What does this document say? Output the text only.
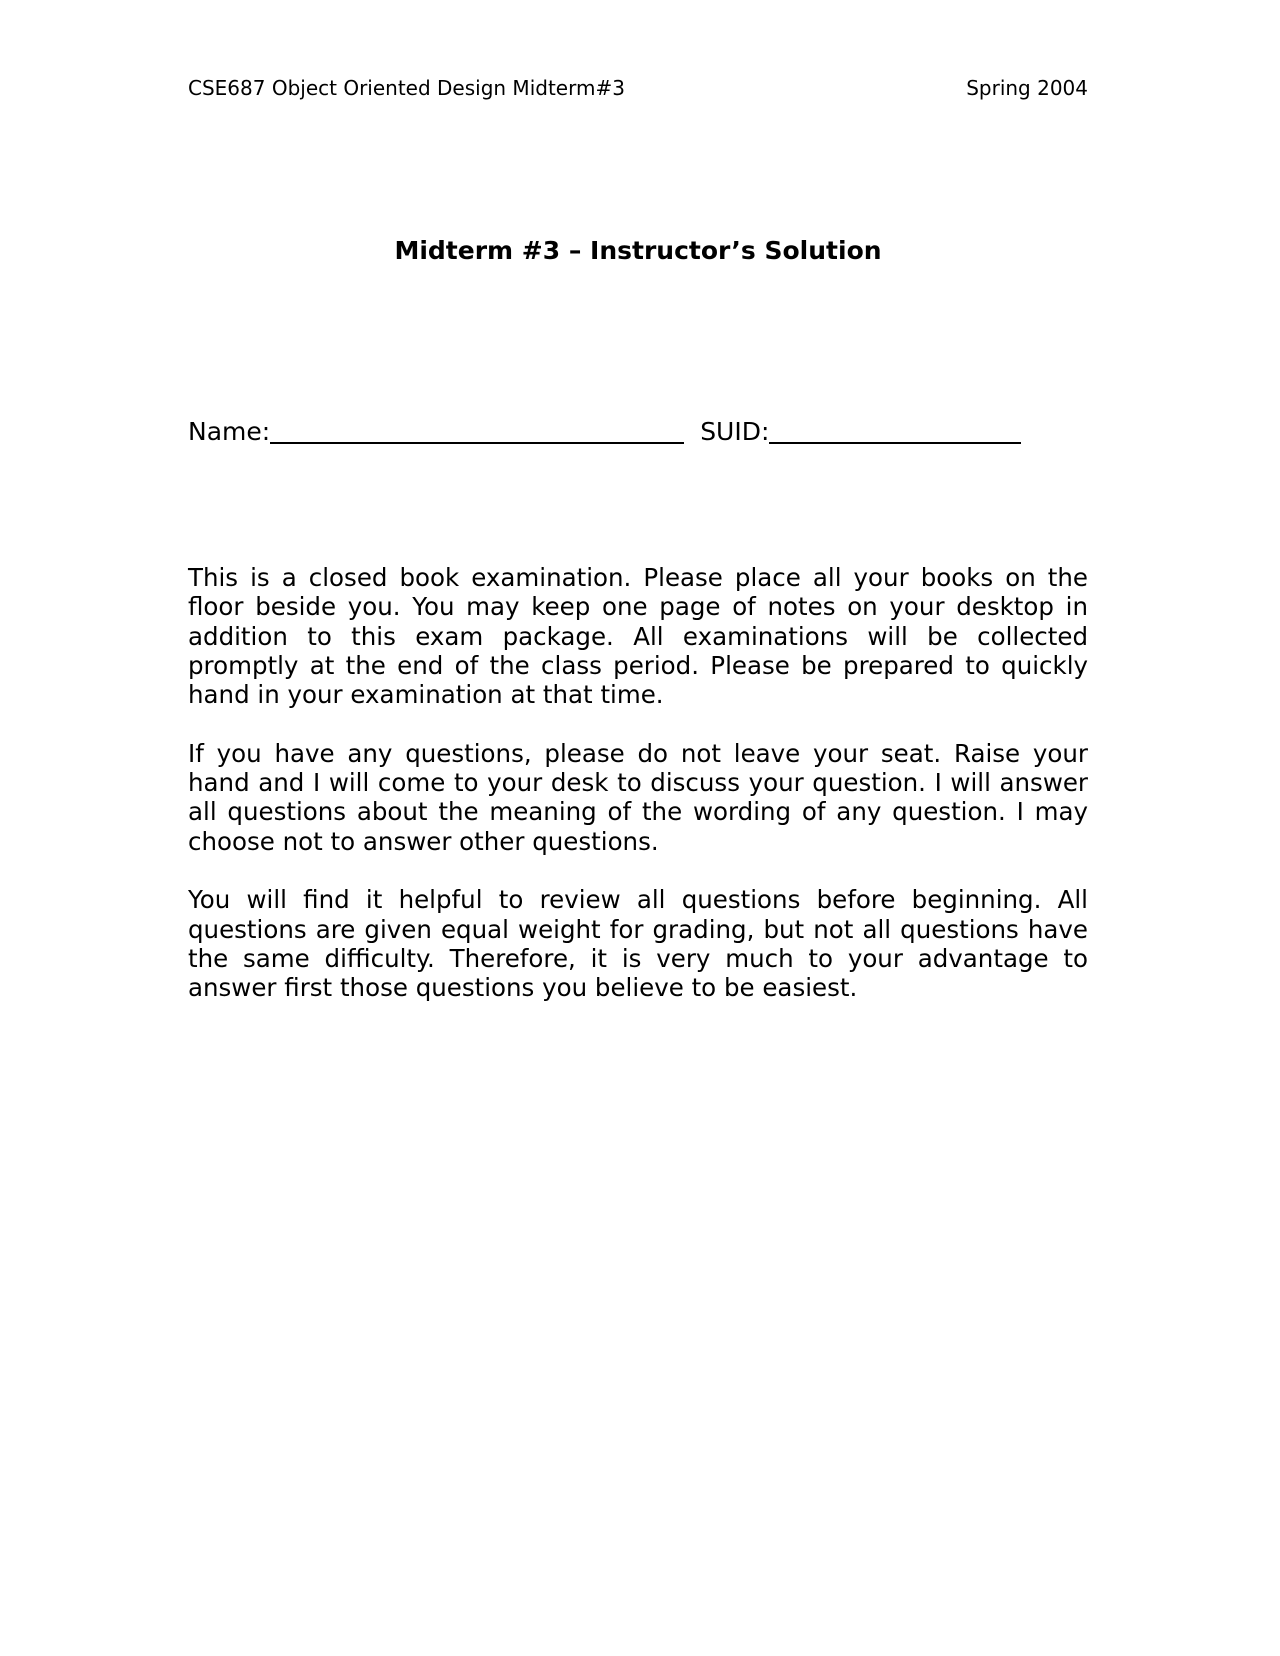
CSE687 Object Oriented Design Midterm#3	Spring 2004
Midterm #3 – Instructor’s Solution
Name:	SUID:

This is a closed book examination. Please place all your books on the floor beside you. You may keep one page of notes on your desktop in addition to this exam package. All examinations will be collected promptly at the end of the class period. Please be prepared to quickly hand in your examination at that time.

If you have any questions, please do not leave your seat. Raise your hand and I will come to your desk to discuss your question. I will answer all questions about the meaning of the wording of any question. I may choose not to answer other questions.

You will find it helpful to review all questions before beginning. All questions are given equal weight for grading, but not all questions have the same difficulty. Therefore, it is very much to your advantage to answer first those questions you believe to be easiest.
